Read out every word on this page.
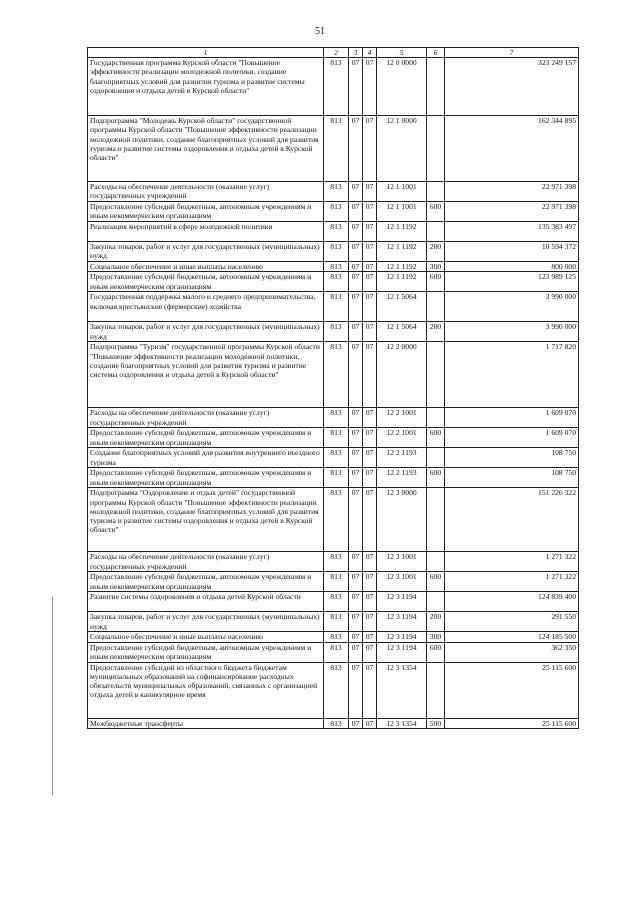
51
1	2	3	4	5	6	7
Государственная программа Курской области "Повышение эффективности реализации молодежной политики, создание благоприятных условий для развития туризма и развитие системы оздоровления и отдыха детей в Курской области"	813	07	07	12 0 0000		323 249 157
Подпрограмма "Молодежь Курской области" государственной программы Курской области "Повышение эффективности реализации молодежной политики, создание благоприятных условий для развития туризма и развитие системы оздоровления и отдыха детей в Курской области"	813	07	07	12 1 0000		162 344 895
Расходы на обеспечение деятельности (оказание услуг) государственных учреждений	813	07	07	12 1 1001		22 971 398
Предоставление субсидий бюджетным, автономным учреждениям и иным некоммерческим организациям	813	07	07	12 1 1001	600	22 971 398
Реализация мероприятий в сфере молодежной политики	813	07	07	12 1 1192		135 383 497
Закупка товаров, работ и услуг для государственных (муниципальных) нужд	813	07	07	12 1 1192	200	10 594 372
Социальное обеспечение и иные выплаты населению	813	07	07	12 1 1192	300	800 000
Предоставление субсидий бюджетным, автономным учреждениям и иным некоммерческим организациям	813	07	07	12 1 1192	600	123 989 125
Государственная поддержка малого и среднего предпринимательства, включая крестьянские (фермерские) хозяйства	813	07	07	12 1 5064		3 990 000
Закупка товаров, работ и услуг для государственных (муниципальных) нужд	813	07	07	12 1 5064	200	3 990 000
Подпрограмма "Туризм" государственной программы Курской области "Повышение эффективности реализации молодежной политики, создание благоприятных условий для развития туризма и развитие системы оздоровления и отдыха детей в Курской области"	813	07	07	12 2 0000		1 717 820
Расходы на обеспечение деятельности (оказание услуг) государственных учреждений	813	07	07	12 2 1001		1 609 070
Предоставление субсидий бюджетным, автономным учреждениям и иным некоммерческим организациям	813	07	07	12 2 1001	600	1 609 070
Создание благоприятных условий для развития внутреннего въездного туризма	813	07	07	12 2 1193		108 750
Предоставление субсидий бюджетным, автономным учреждениям и иным некоммерческим организациям	813	07	07	12 2 1193	600	108 750
Подпрограмма "Оздоровление и отдых детей" государственной программы Курской области "Повышение эффективности реализации молодежной политики, создание благоприятных условий для развития туризма и развитие системы оздоровления и отдыха детей в Курской области"	813	07	07	12 3 0000		151 226 322
Расходы на обеспечение деятельности (оказание услуг) государственных учреждений	813	07	07	12 3 1001		1 271 322
Предоставление субсидий бюджетным, автономным учреждениям и иным некоммерческим организациям	813	07	07	12 3 1001	600	1 271 322
Развитие системы оздоровления и отдыха детей Курской области	813	07	07	12 3 1194		124 839 400
Закупка товаров, работ и услуг для государственных (муниципальных) нужд	813	07	07	12 3 1194	200	291 550
Социальное обеспечение и иные выплаты населению	813	07	07	12 3 1194	300	124 185 500
Предоставление субсидий бюджетным, автономным учреждениям и иным некоммерческим организациям	813	07	07	12 3 1194	600	362 350
Предоставление субсидий из областного бюджета бюджетам муниципальных образований на софинансирование расходных обязательств муниципальных образований, связанных с организацией отдыха детей в каникулярное время	813	07	07	12 3 1354		25 115 600
Межбюджетные трансферты	813	07	07	12 3 1354	500	25 115 600
